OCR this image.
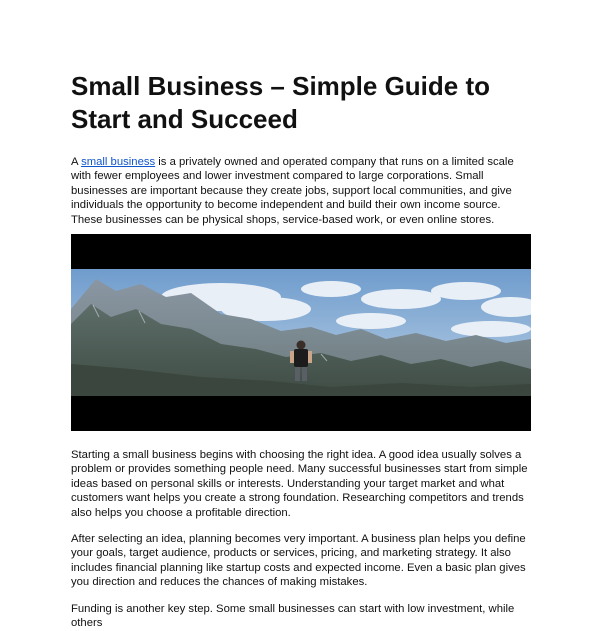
Small Business – Simple Guide to Start and Succeed

A small business is a privately owned and operated company that runs on a limited scale with fewer employees and lower investment compared to large corporations. Small businesses are important because they create jobs, support local communities, and give individuals the opportunity to become independent and build their own income source. These businesses can be physical shops, service-based work, or even online stores.

Starting a small business begins with choosing the right idea. A good idea usually solves a problem or provides something people need. Many successful businesses start from simple ideas based on personal skills or interests. Understanding your target market and what customers want helps you create a strong foundation. Researching competitors and trends also helps you choose a profitable direction.

After selecting an idea, planning becomes very important. A business plan helps you define your goals, target audience, products or services, pricing, and marketing strategy. It also includes financial planning like startup costs and expected income. Even a basic plan gives you direction and reduces the chances of making mistakes.

Funding is another key step. Some small businesses can start with low investment, while others
